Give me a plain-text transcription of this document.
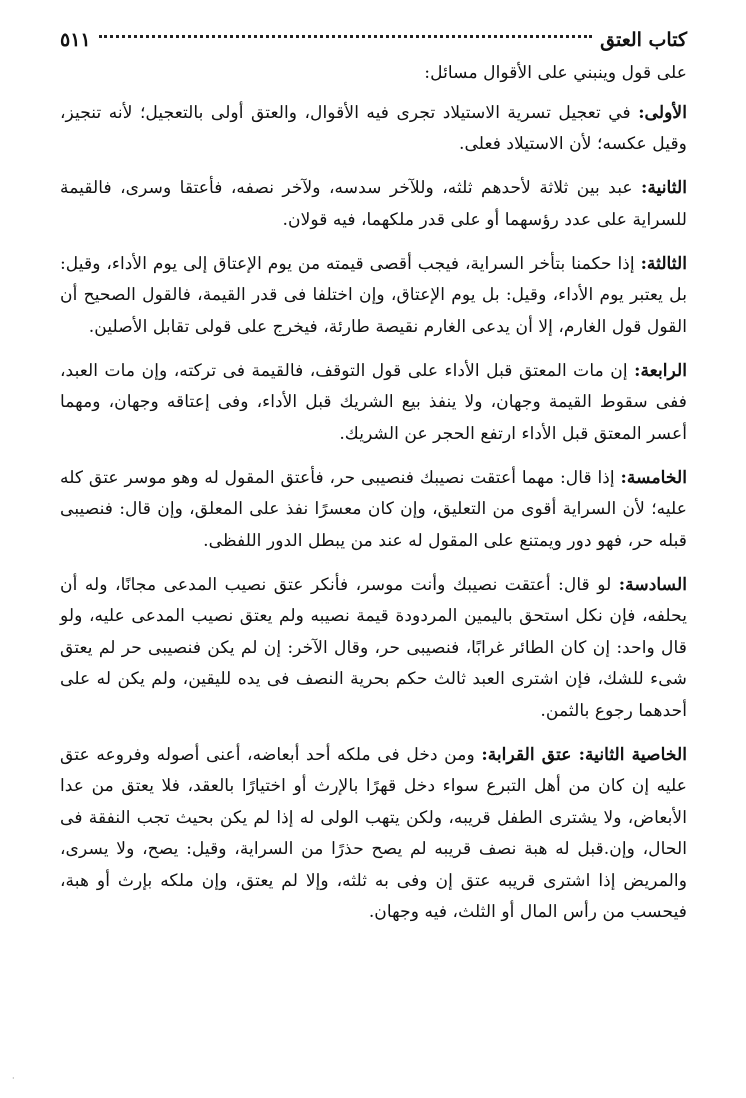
كتاب العتق
٥١١

على قول وينبني على الأقوال مسائل:

الأولى: في تعجيل تسرية الاستيلاد تجرى فيه الأقوال، والعتق أولى بالتعجيل؛ لأنه تنجيز، وقيل عكسه؛ لأن الاستيلاد فعلى.

الثانية: عبد بين ثلاثة لأحدهم ثلثه، وللآخر سدسه، ولآخر نصفه، فأعتقا وسرى، فالقيمة للسراية على عدد رؤسهما أو على قدر ملكهما، فيه قولان.

الثالثة: إذا حكمنا بتأخر السراية، فيجب أقصى قيمته من يوم الإعتاق إلى يوم الأداء، وقيل: بل يعتبر يوم الأداء، وقيل: بل يوم الإعتاق، وإن اختلفا فى قدر القيمة، فالقول الصحيح أن القول قول الغارم، إلا أن يدعى الغارم نقيصة طارئة، فيخرج على قولى تقابل الأصلين.

الرابعة: إن مات المعتق قبل الأداء على قول التوقف، فالقيمة فى تركته، وإن مات العبد، ففى سقوط القيمة وجهان، ولا ينفذ بيع الشريك قبل الأداء، وفى إعتاقه وجهان، ومهما أعسر المعتق قبل الأداء ارتفع الحجر عن الشريك.

الخامسة: إذا قال: مهما أعتقت نصيبك فنصيبى حر، فأعتق المقول له وهو موسر عتق كله عليه؛ لأن السراية أقوى من التعليق، وإن كان معسرًا نفذ على المعلق، وإن قال: فنصيبى قبله حر، فهو دور ويمتنع على المقول له عند من يبطل الدور اللفظى.

السادسة: لو قال: أعتقت نصيبك وأنت موسر، فأنكر عتق نصيب المدعى مجانًا، وله أن يحلفه، فإن نكل استحق باليمين المردودة قيمة نصيبه ولم يعتق نصيب المدعى عليه، ولو قال واحد: إن كان الطائر غرابًا، فنصيبى حر، وقال الآخر: إن لم يكن فنصيبى حر لم يعتق شىء للشك، فإن اشترى العبد ثالث حكم بحرية النصف فى يده لليقين، ولم يكن له على أحدهما رجوع بالثمن.

الخاصية الثانية: عتق القرابة: ومن دخل فى ملكه أحد أبعاضه، أعنى أصوله وفروعه عتق عليه إن كان من أهل التبرع سواء دخل قهرًا بالإرث أو اختيارًا بالعقد، فلا يعتق من عدا الأبعاض، ولا يشترى الطفل قريبه، ولكن يتهب الولى له إذا لم يكن بحيث تجب النفقة فى الحال، وإن.قبل له هبة نصف قريبه لم يصح حذرًا من السراية، وقيل: يصح، ولا يسرى، والمريض إذا اشترى قريبه عتق إن وفى به ثلثه، وإلا لم يعتق، وإن ملكه بإرث أو هبة، فيحسب من رأس المال أو الثلث، فيه وجهان.

·
